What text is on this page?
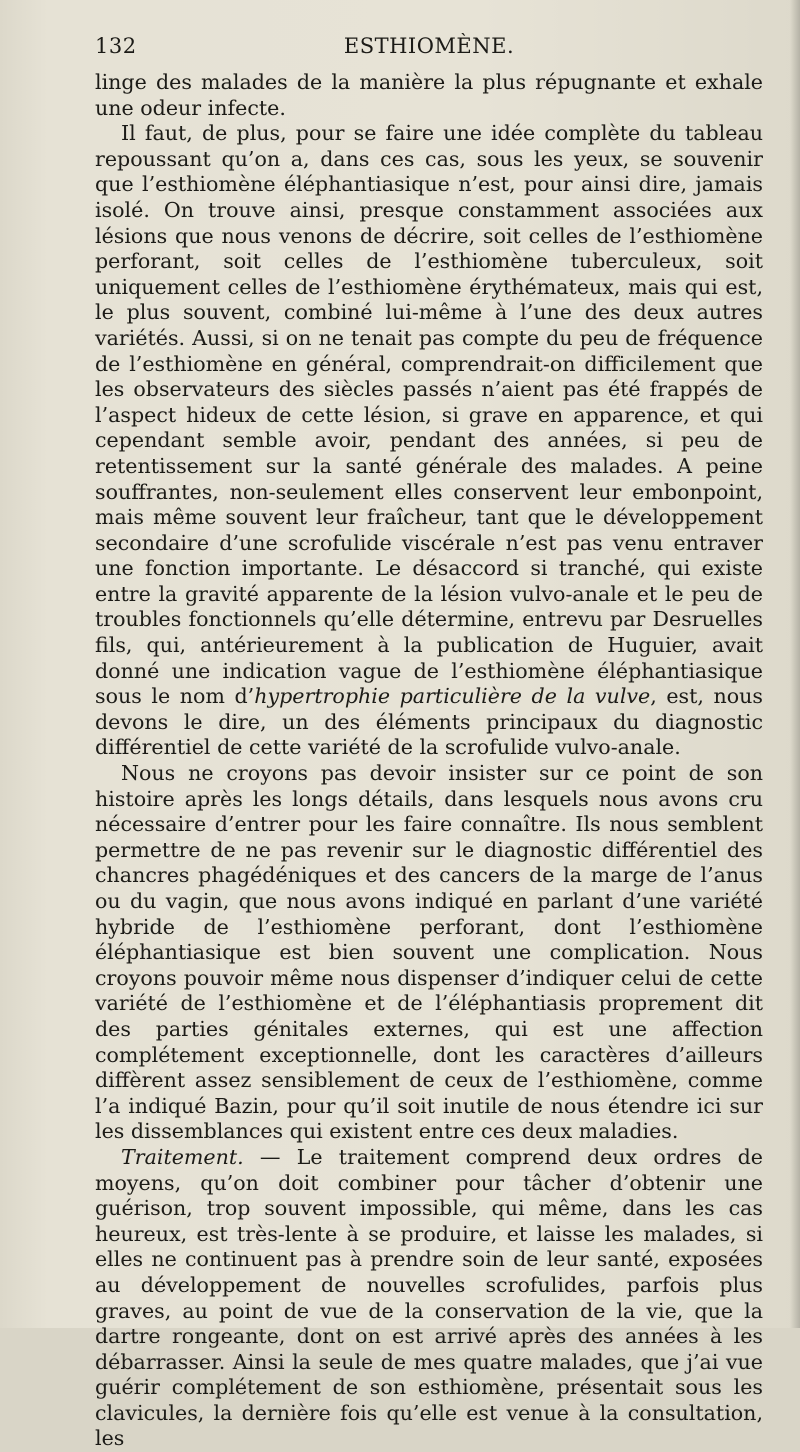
132	ESTHIOMÈNE.

linge des malades de la manière la plus répugnante et exhale une odeur infecte.

Il faut, de plus, pour se faire une idée complète du tableau repoussant qu’on a, dans ces cas, sous les yeux, se souvenir que l’esthiomène éléphantiasique n’est, pour ainsi dire, jamais isolé. On trouve ainsi, presque constamment associées aux lésions que nous venons de décrire, soit celles de l’esthiomène perforant, soit celles de l’esthiomène tuberculeux, soit uniquement celles de l’esthiomène érythémateux, mais qui est, le plus souvent, combiné lui-même à l’une des deux autres variétés. Aussi, si on ne tenait pas compte du peu de fréquence de l’esthiomène en général, comprendrait-on difficilement que les observateurs des siècles passés n’aient pas été frappés de l’aspect hideux de cette lésion, si grave en apparence, et qui cependant semble avoir, pendant des années, si peu de retentissement sur la santé générale des malades. A peine souffrantes, non-seulement elles conservent leur embonpoint, mais même souvent leur fraîcheur, tant que le développement secondaire d’une scrofulide viscérale n’est pas venu entraver une fonction importante. Le désaccord si tranché, qui existe entre la gravité apparente de la lésion vulvo-anale et le peu de troubles fonctionnels qu’elle détermine, entrevu par Desruelles fils, qui, antérieurement à la publication de Huguier, avait donné une indication vague de l’esthiomène éléphantiasique sous le nom d’hypertrophie particulière de la vulve, est, nous devons le dire, un des éléments principaux du diagnostic différentiel de cette variété de la scrofulide vulvo-anale.

Nous ne croyons pas devoir insister sur ce point de son histoire après les longs détails, dans lesquels nous avons cru nécessaire d’entrer pour les faire connaître. Ils nous semblent permettre de ne pas revenir sur le diagnostic différentiel des chancres phagédéniques et des cancers de la marge de l’anus ou du vagin, que nous avons indiqué en parlant d’une variété hybride de l’esthiomène perforant, dont l’esthiomène éléphantiasique est bien souvent une complication. Nous croyons pouvoir même nous dispenser d’indiquer celui de cette variété de l’esthiomène et de l’éléphantiasis proprement dit des parties génitales externes, qui est une affection complétement exceptionnelle, dont les caractères d’ailleurs diffèrent assez sensiblement de ceux de l’esthiomène, comme l’a indiqué Bazin, pour qu’il soit inutile de nous étendre ici sur les dissemblances qui existent entre ces deux maladies.

Traitement. — Le traitement comprend deux ordres de moyens, qu’on doit combiner pour tâcher d’obtenir une guérison, trop souvent impossible, qui même, dans les cas heureux, est très-lente à se produire, et laisse les malades, si elles ne continuent pas à prendre soin de leur santé, exposées au développement de nouvelles scrofulides, parfois plus graves, au point de vue de la conservation de la vie, que la dartre rongeante, dont on est arrivé après des années à les débarrasser. Ainsi la seule de mes quatre malades, que j’ai vue guérir complétement de son esthiomène, présentait sous les clavicules, la dernière fois qu’elle est venue à la consultation, les
